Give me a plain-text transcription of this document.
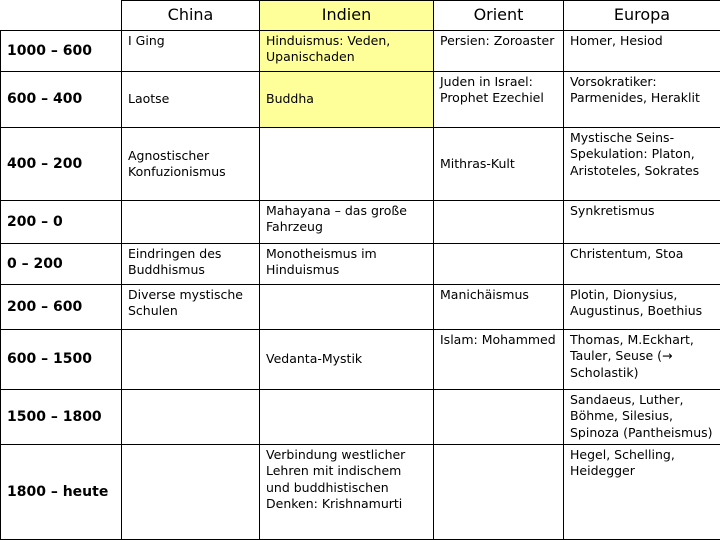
	China	Indien	Orient	Europa
1000 – 600	I Ging	Hinduismus: Veden, Upanischaden	Persien: Zoroaster	Homer, Hesiod
600 – 400	Laotse	Buddha	Juden in Israel: Prophet Ezechiel	Vorsokratiker: Parmenides, Heraklit
400 – 200	Agnostischer Konfuzionismus		Mithras-Kult	Mystische Seins-Spekulation: Platon, Aristoteles, Sokrates
200 – 0		Mahayana – das große Fahrzeug		Synkretismus
0 – 200	Eindringen des Buddhismus	Monotheismus im Hinduismus		Christentum, Stoa
200 – 600	Diverse mystische Schulen		Manichäismus	Plotin, Dionysius, Augustinus, Boethius
600 – 1500		Vedanta-Mystik	Islam: Mohammed	Thomas, M.Eckhart, Tauler, Seuse (→ Scholastik)
1500 – 1800				Sandaeus, Luther, Böhme, Silesius, Spinoza (Pantheismus)
1800 – heute		Verbindung westlicher Lehren mit indischem und buddhistischen Denken: Krishnamurti		Hegel, Schelling, Heidegger
